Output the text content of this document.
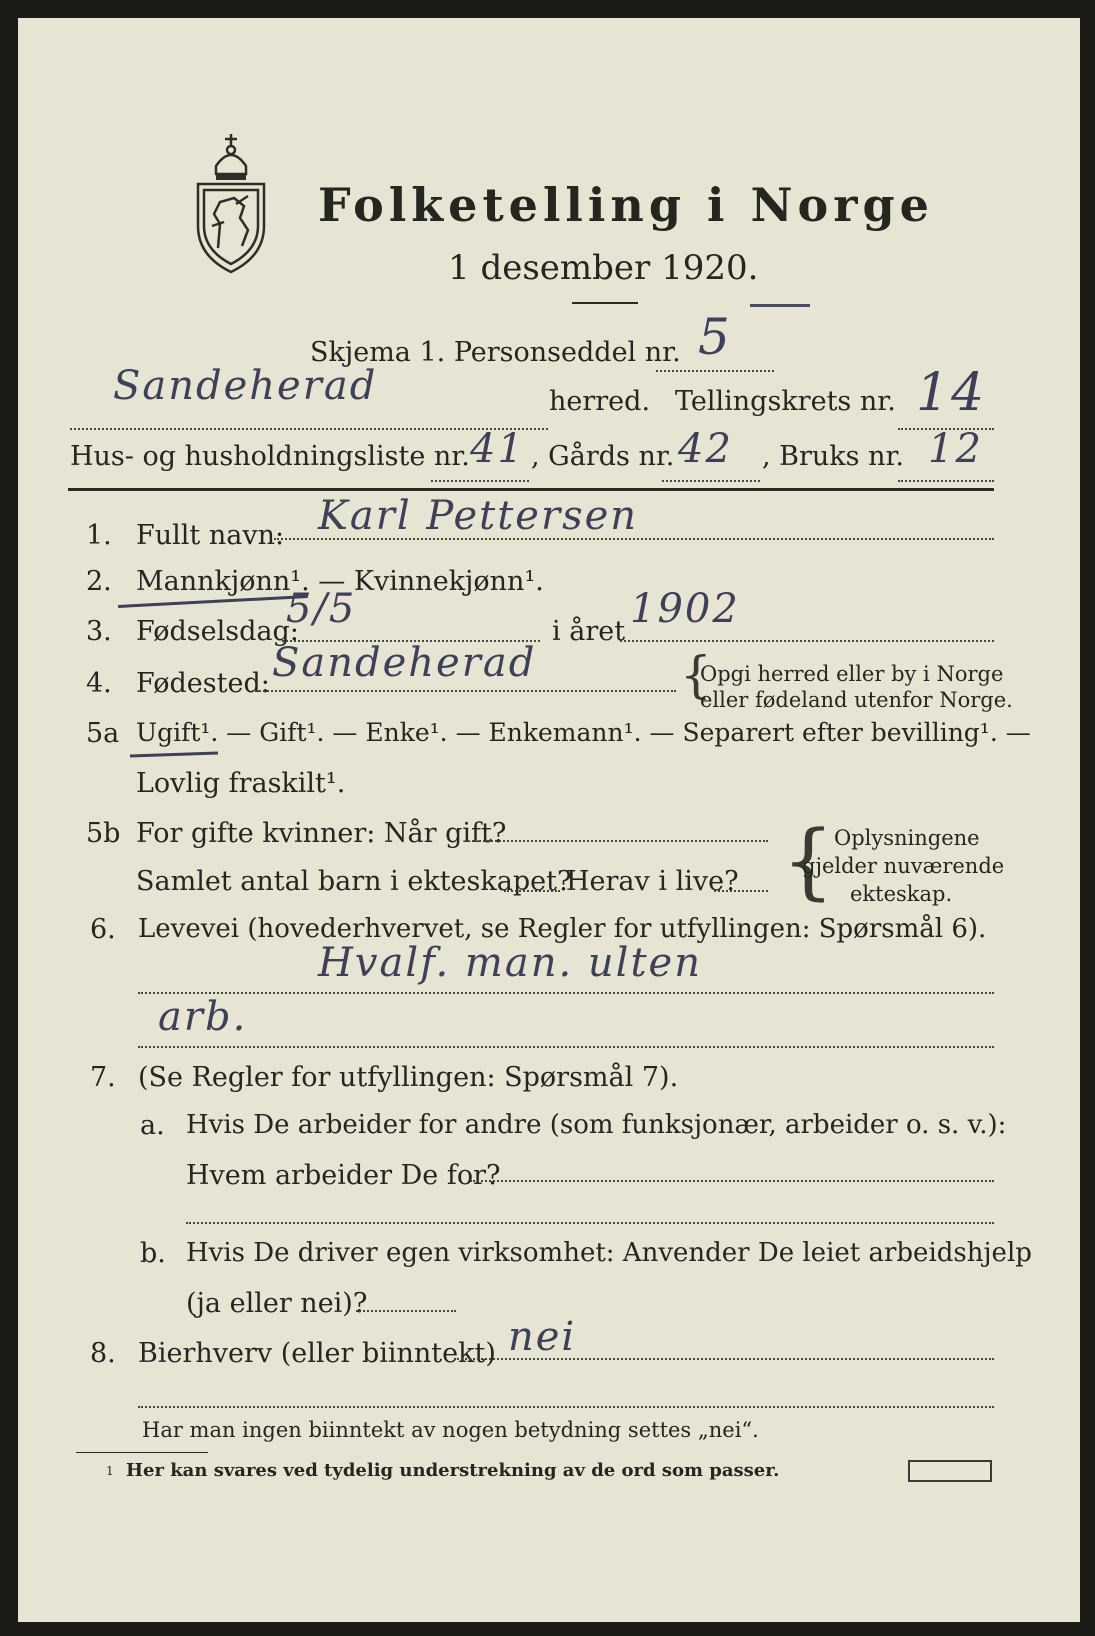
Folketelling i Norge
1 desember 1920.
Skjema 1. Personseddel nr. 5
Sandeherad	herred. Tellingskrets nr. 14
Hus- og husholdningsliste nr. 41 , Gårds nr. 42 , Bruks nr. 12
1. Fullt navn: Karl Pettersen
2. Mannkjønn¹. — Kvinnekjønn¹.
3. Fødselsdag:
5/5	i året 1902
4. Fødested: Sandeherad	{
Opgi herred eller by i Norge
eller fødeland utenfor Norge.
5a Ugift¹. — Gift¹. — Enke¹. — Enkemann¹. — Separert efter bevilling¹. —
Lovlig fraskilt¹.
5b For gifte kvinner: Når gift?
Samlet antal barn i ekteskapet?
Herav i live? { Oplysningene
gjelder nuværende
ekteskap.
6. Levevei (hovederhvervet, se Regler for utfyllingen: Spørsmål 6).
Hvalf. man. ulten
arb.
7. (Se Regler for utfyllingen: Spørsmål 7).
a. Hvis De arbeider for andre (som funksjonær, arbeider o. s. v.):
Hvem arbeider De for?
b. Hvis De driver egen virksomhet: Anvender De leiet arbeidshjelp
(ja eller nei)?
8. Bierhverv (eller biinntekt) nei
Har man ingen biinntekt av nogen betydning settes „nei“.
1 Her kan svares ved tydelig understrekning av de ord som passer.
